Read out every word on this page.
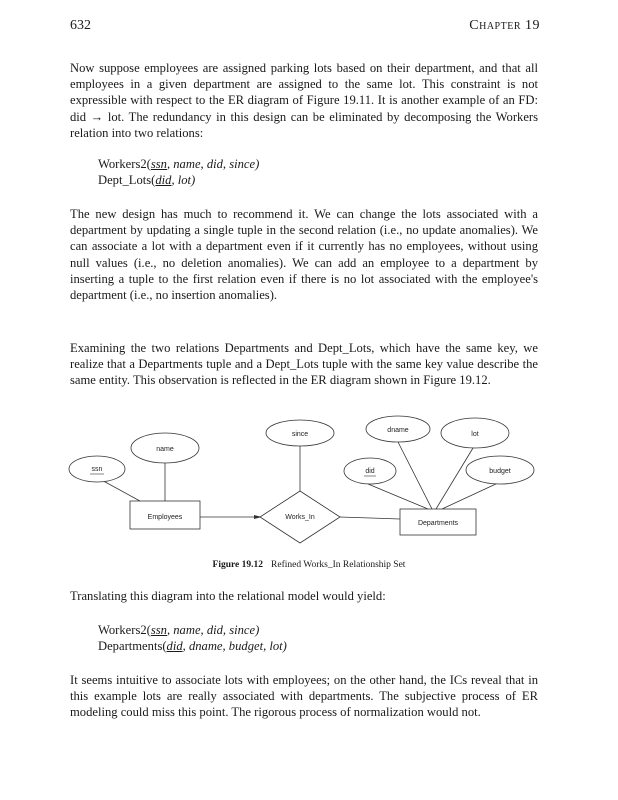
632	Chapter 19

Now suppose employees are assigned parking lots based on their department, and that all employees in a given department are assigned to the same lot. This constraint is not expressible with respect to the ER diagram of Figure 19.11. It is another example of an FD: did → lot. The redundancy in this design can be eliminated by decomposing the Workers relation into two relations:

Workers2(ssn, name, did, since)
Dept_Lots(did, lot)

The new design has much to recommend it. We can change the lots associated with a department by updating a single tuple in the second relation (i.e., no update anomalies). We can associate a lot with a department even if it currently has no employees, without using null values (i.e., no deletion anomalies). We can add an employee to a department by inserting a tuple to the first relation even if there is no lot associated with the employee's department (i.e., no insertion anomalies).

Examining the two relations Departments and Dept_Lots, which have the same key, we realize that a Departments tuple and a Dept_Lots tuple with the same key value describe the same entity. This observation is reflected in the ER diagram shown in Figure 19.12.

ssn
name
since
dname
lot
did	budget
Employees
Departments
Works_In
Figure 19.12 Refined Works_In Relationship Set

Translating this diagram into the relational model would yield:

Workers2(ssn, name, did, since)
Departments(did, dname, budget, lot)

It seems intuitive to associate lots with employees; on the other hand, the ICs reveal that in this example lots are really associated with departments. The subjective process of ER modeling could miss this point. The rigorous process of normalization would not.
